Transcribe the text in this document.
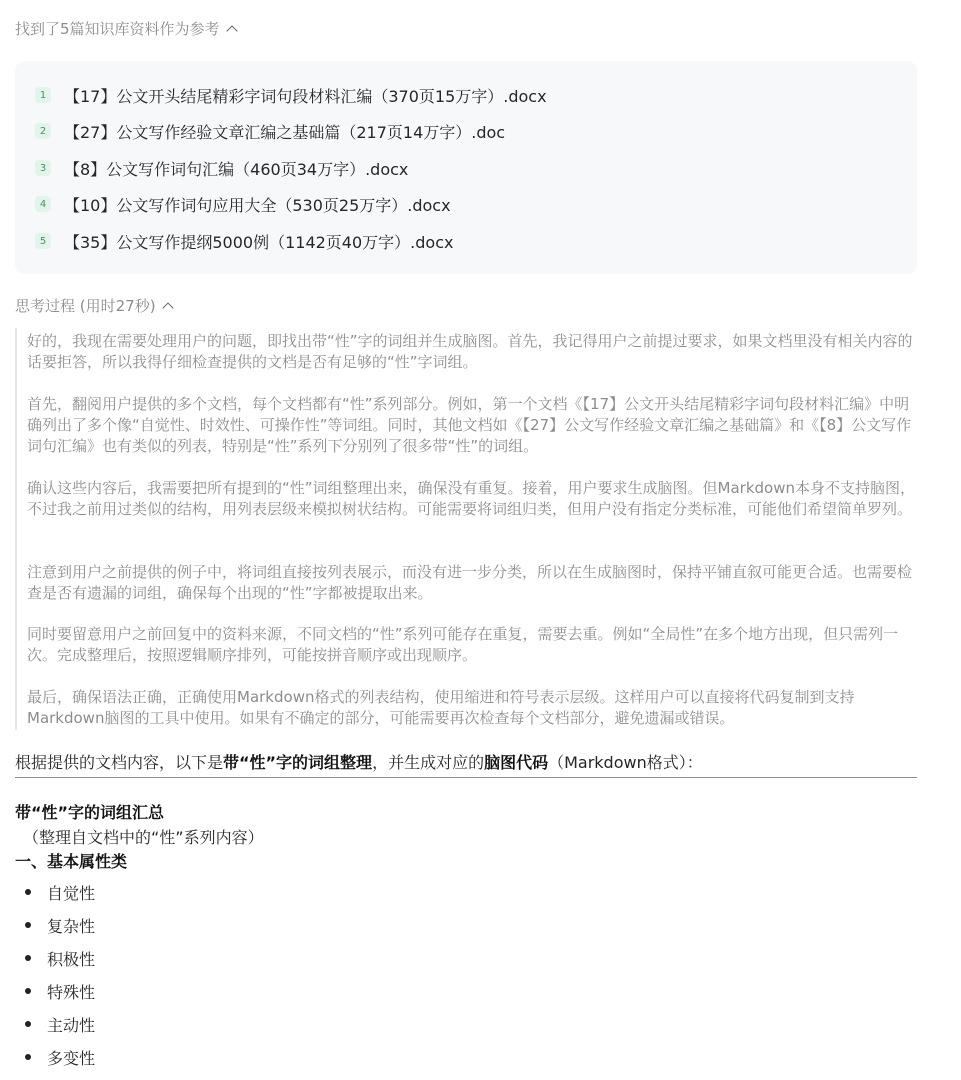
找到了5篇知识库资料作为参考
1	【17】公文开头结尾精彩字词句段材料汇编（370页15万字）.docx
2	【27】公文写作经验文章汇编之基础篇（217页14万字）.doc
3	【8】公文写作词句汇编（460页34万字）.docx
4	【10】公文写作词句应用大全（530页25万字）.docx
5	【35】公文写作提纲5000例（1142页40万字）.docx
思考过程 (用时27秒)

好的，我现在需要处理用户的问题，即找出带“性”字的词组并生成脑图。首先，我记得用户之前提过要求，如果文档里没有相关内容的话要拒答，所以我得仔细检查提供的文档是否有足够的“性”字词组。

首先，翻阅用户提供的多个文档，每个文档都有“性”系列部分。例如，第一个文档《【17】公文开头结尾精彩字词句段材料汇编》中明确列出了多个像“自觉性、时效性、可操作性”等词组。同时，其他文档如《【27】公文写作经验文章汇编之基础篇》和《【8】公文写作词句汇编》也有类似的列表，特别是“性”系列下分别列了很多带“性”的词组。

确认这些内容后，我需要把所有提到的“性”词组整理出来，确保没有重复。接着，用户要求生成脑图。但Markdown本身不支持脑图，不过我之前用过类似的结构，用列表层级来模拟树状结构。可能需要将词组归类，但用户没有指定分类标准，可能他们希望简单罗列。

注意到用户之前提供的例子中，将词组直接按列表展示，而没有进一步分类，所以在生成脑图时，保持平铺直叙可能更合适。也需要检查是否有遗漏的词组，确保每个出现的“性”字都被提取出来。

同时要留意用户之前回复中的资料来源，不同文档的“性”系列可能存在重复，需要去重。例如“全局性”在多个地方出现，但只需列一次。完成整理后，按照逻辑顺序排列，可能按拼音顺序或出现顺序。

最后，确保语法正确，正确使用Markdown格式的列表结构，使用缩进和符号表示层级。这样用户可以直接将代码复制到支持Markdown脑图的工具中使用。如果有不确定的部分，可能需要再次检查每个文档部分，避免遗漏或错误。

根据提供的文档内容，以下是带“性”字的词组整理，并生成对应的脑图代码（Markdown格式）：
带“性”字的词组汇总
（整理自文档中的“性”系列内容）
一、基本属性类
自觉性
复杂性
积极性
特殊性
主动性
多变性
